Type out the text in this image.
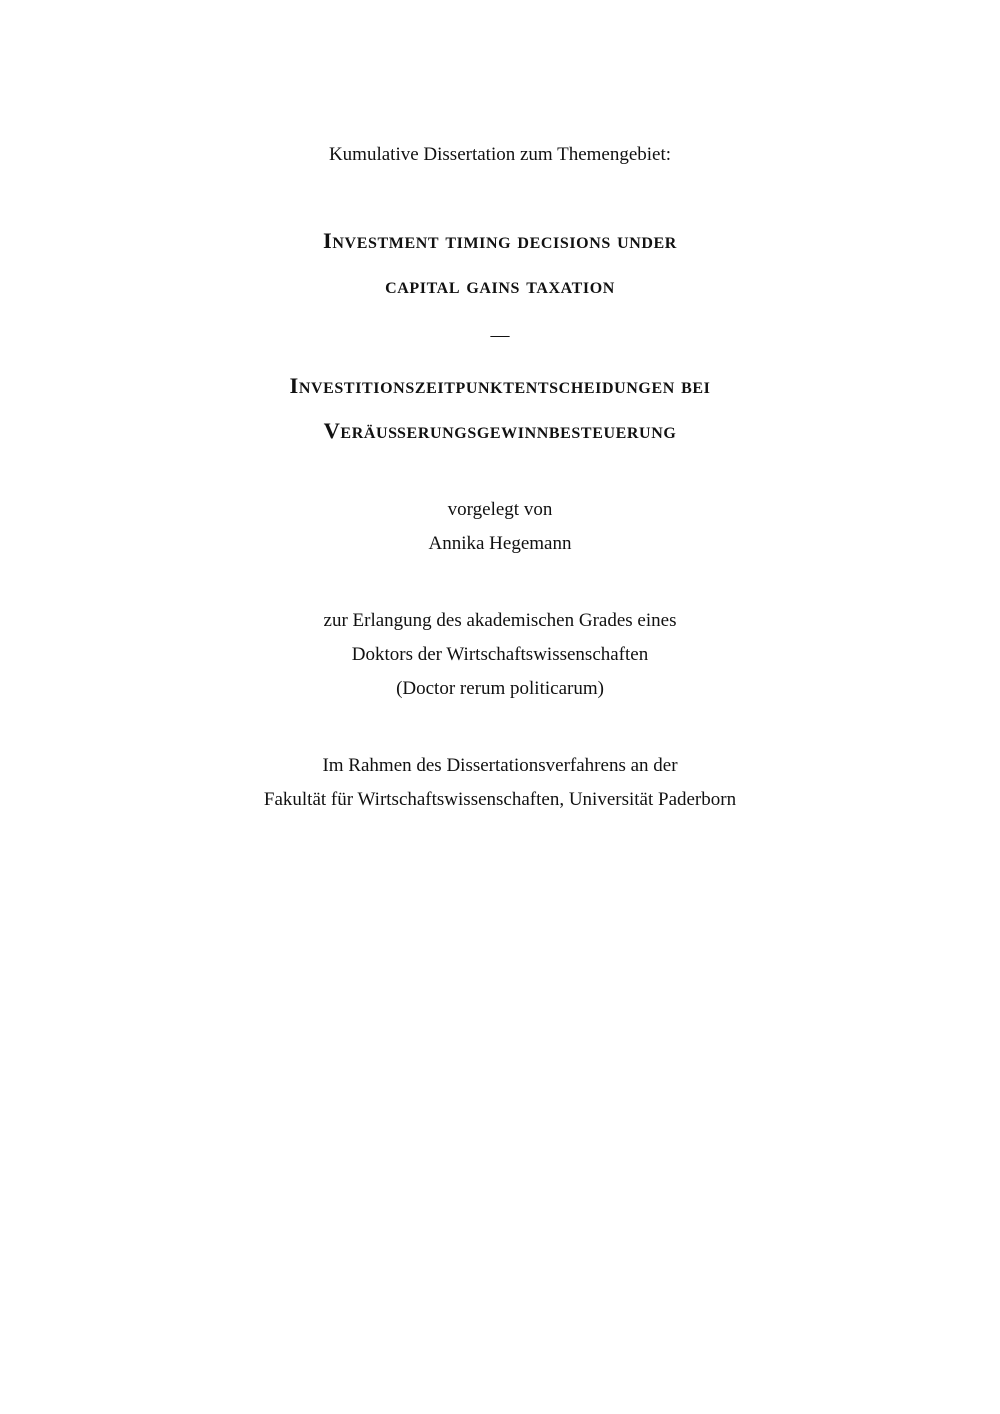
Kumulative Dissertation zum Themengebiet:
Investment timing decisions under
capital gains taxation
—
Investitionszeitpunktentscheidungen bei
Veräußerungsgewinnbesteuerung
vorgelegt von
Annika Hegemann
zur Erlangung des akademischen Grades eines
Doktors der Wirtschaftswissenschaften
(Doctor rerum politicarum)
Im Rahmen des Dissertationsverfahrens an der
Fakultät für Wirtschaftswissenschaften, Universität Paderborn
